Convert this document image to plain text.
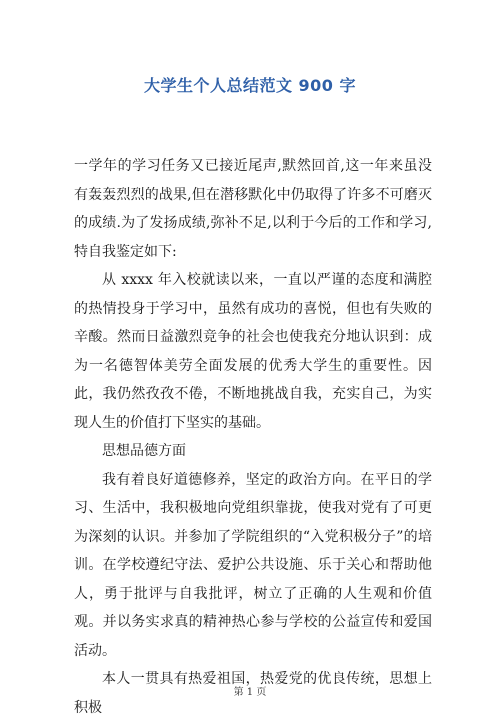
大学生个人总结范文 900 字

一学年的学习任务又已接近尾声,默然回首,这一年来虽没有轰轰烈烈的战果,但在潜移默化中仍取得了许多不可磨灭的成绩.为了发扬成绩,弥补不足,以利于今后的工作和学习,特自我鉴定如下:

从 xxxx 年入校就读以来，一直以严谨的态度和满腔的热情投身于学习中，虽然有成功的喜悦，但也有失败的辛酸。然而日益激烈竞争的社会也使我充分地认识到：成为一名德智体美劳全面发展的优秀大学生的重要性。因此，我仍然孜孜不倦，不断地挑战自我，充实自己，为实现人生的价值打下坚实的基础。

思想品德方面

我有着良好道德修养，坚定的政治方向。在平日的学习、生活中，我积极地向党组织靠拢，使我对党有了可更为深刻的认识。并参加了学院组织的“入党积极分子”的培训。在学校遵纪守法、爱护公共设施、乐于关心和帮助他人，勇于批评与自我批评，树立了正确的人生观和价值观。并以务实求真的精神热心参与学校的公益宣传和爱国活动。

本人一贯具有热爱祖国，热爱党的优良传统，思想上积极

第 1 页
